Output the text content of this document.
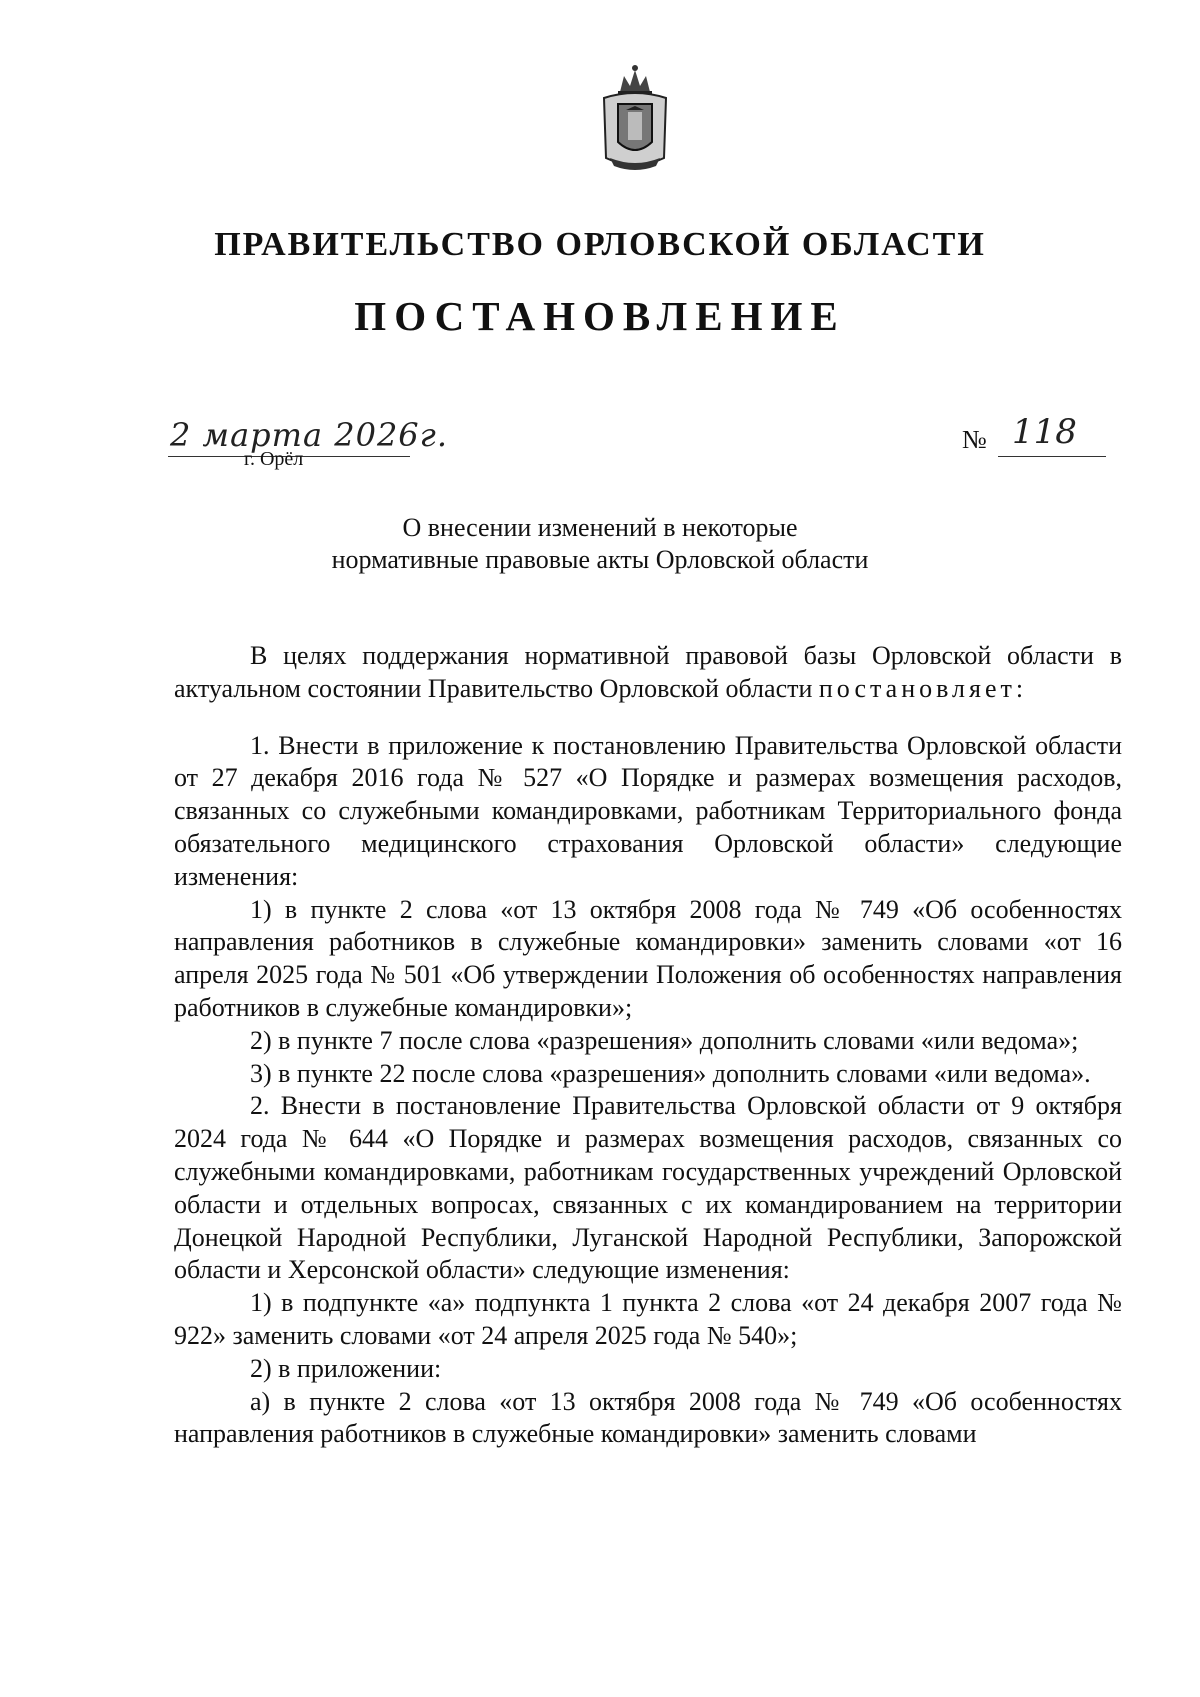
ПРАВИТЕЛЬСТВО ОРЛОВСКОЙ ОБЛАСТИ
ПОСТАНОВЛЕНИЕ
2 марта 2026г.
г. Орёл
№ 118
О внесении изменений в некоторые
нормативные правовые акты Орловской области

В целях поддержания нормативной правовой базы Орловской области в актуальном состоянии Правительство Орловской области постановляет:

1. Внести в приложение к постановлению Правительства Орловской области от 27 декабря 2016 года № 527 «О Порядке и размерах возмещения расходов, связанных со служебными командировками, работникам Территориального фонда обязательного медицинского страхования Орловской области» следующие изменения:

1) в пункте 2 слова «от 13 октября 2008 года № 749 «Об особенностях направления работников в служебные командировки» заменить словами «от 16 апреля 2025 года № 501 «Об утверждении Положения об особенностях направления работников в служебные командировки»;

2) в пункте 7 после слова «разрешения» дополнить словами «или ведома»;

3) в пункте 22 после слова «разрешения» дополнить словами «или ведома».

2. Внести в постановление Правительства Орловской области от 9 октября 2024 года № 644 «О Порядке и размерах возмещения расходов, связанных со служебными командировками, работникам государственных учреждений Орловской области и отдельных вопросах, связанных с их командированием на территории Донецкой Народной Республики, Луганской Народной Республики, Запорожской области и Херсонской области» следующие изменения:

1) в подпункте «а» подпункта 1 пункта 2 слова «от 24 декабря 2007 года № 922» заменить словами «от 24 апреля 2025 года № 540»;

2) в приложении:

а) в пункте 2 слова «от 13 октября 2008 года № 749 «Об особенностях направления работников в служебные командировки» заменить словами
